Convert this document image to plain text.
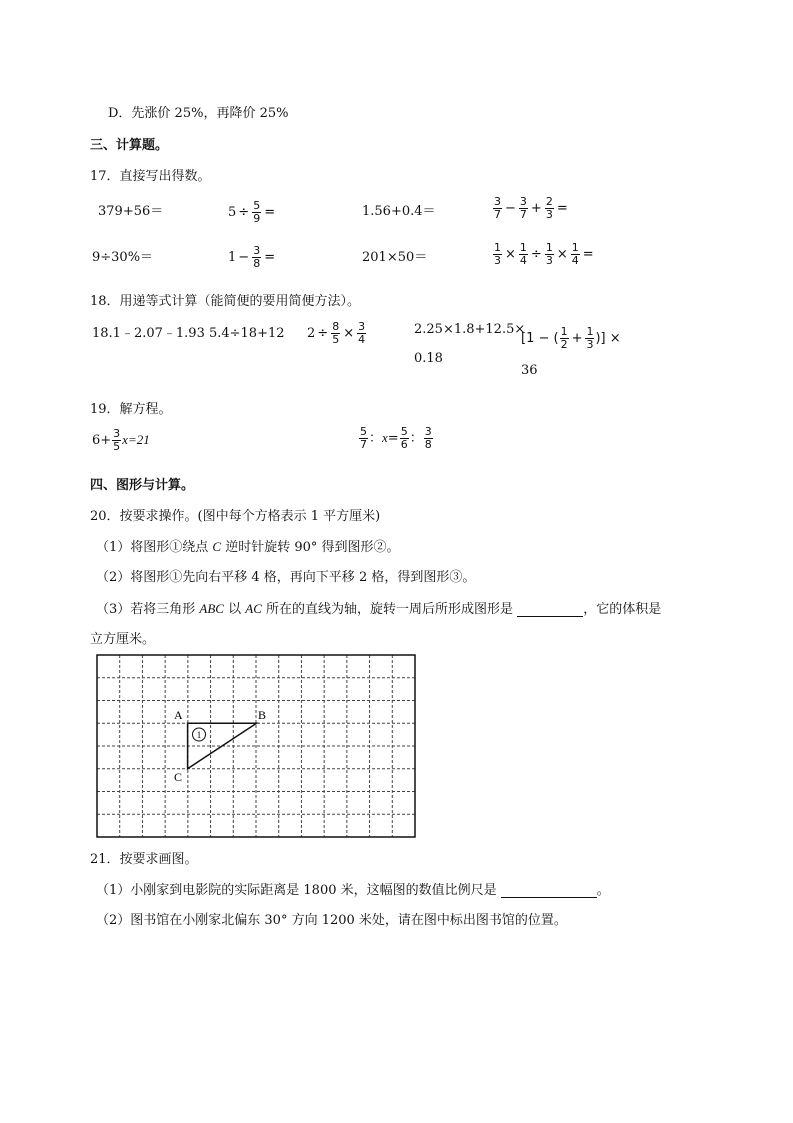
D．先涨价 25%，再降价 25%
三、计算题。
17．直接写出得数。
379+56＝	$5 \div \frac{5}{9}$ =	1.56+0.4＝	$\frac{3}{7} - \frac{3}{7} + \frac{2}{3}$ =
9÷30%＝	$1 - \frac{3}{8}$ =	201×50＝	$\frac{1}{3} \times \frac{1}{4} \div \frac{1}{3} \times \frac{1}{4}$ =
18．用递等式计算（能简便的要用简便方法）。
18.1﹣2.07﹣1.93 5.4÷18+12 $2 \div \frac{8}{5} \times \frac{3}{4}$	2.25×1.8+12.5×
0.18
[1 − ( $\frac{1}{2} + \frac{1}{3}$ )] ×
36
19．解方程。
$6+ \frac{3}{5} x=21$	$\frac{5}{7}$ ：$x= \frac{5}{6}$ ： $\frac{3}{8}$
四、图形与计算。
20．按要求操作。(图中每个方格表示 1 平方厘米)
（1）将图形①绕点 C 逆时针旋转 90° 得到图形②。
（2）将图形①先向右平移 4 格，再向下平移 2 格，得到图形③。
（3）若将三角形 ABC 以 AC 所在的直线为轴，旋转一周后所形成图形是	，它的体积是
立方厘米。
1
A	B
C
21．按要求画图。
（1）小刚家到电影院的实际距离是 1800 米，这幅图的数值比例尺是	。
（2）图书馆在小刚家北偏东 30° 方向 1200 米处，请在图中标出图书馆的位置。
